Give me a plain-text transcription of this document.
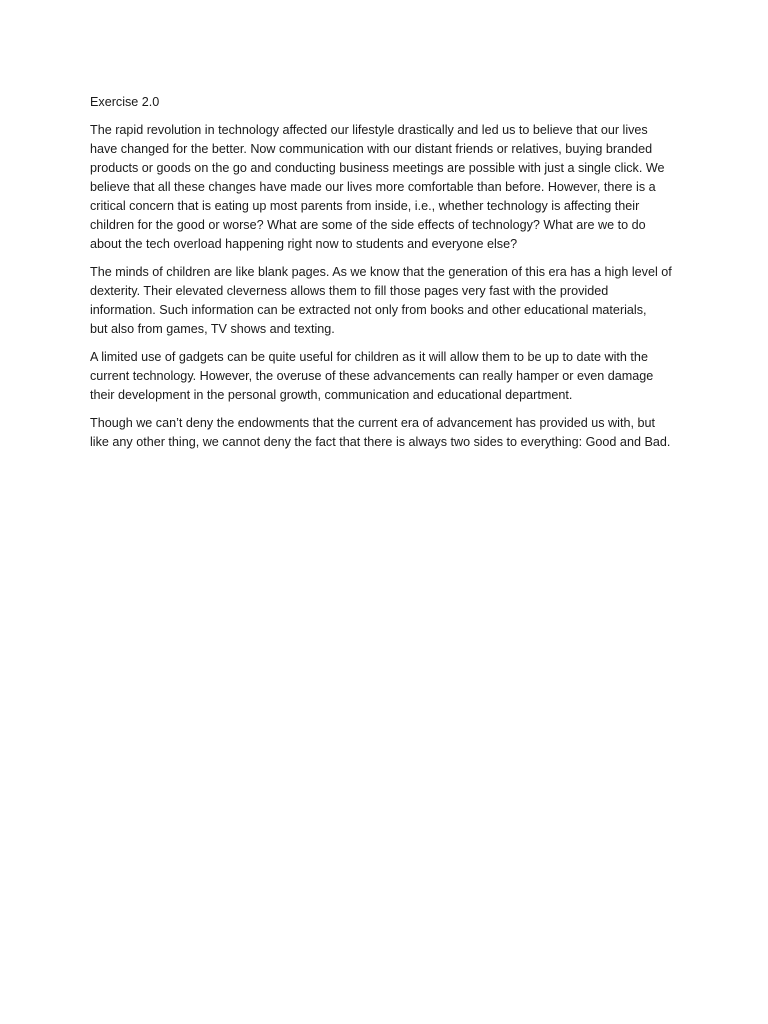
Exercise 2.0
The rapid revolution in technology affected our lifestyle drastically and led us to believe that our lives
have changed for the better. Now communication with our distant friends or relatives, buying branded
products or goods on the go and conducting business meetings are possible with just a single click. We
believe that all these changes have made our lives more comfortable than before. However, there is a
critical concern that is eating up most parents from inside, i.e., whether technology is affecting their
children for the good or worse? What are some of the side effects of technology? What are we to do
about the tech overload happening right now to students and everyone else?
The minds of children are like blank pages. As we know that the generation of this era has a high level of
dexterity. Their elevated cleverness allows them to fill those pages very fast with the provided
information. Such information can be extracted not only from books and other educational materials,
but also from games, TV shows and texting.
A limited use of gadgets can be quite useful for children as it will allow them to be up to date with the
current technology. However, the overuse of these advancements can really hamper or even damage
their development in the personal growth, communication and educational department.
Though we can’t deny the endowments that the current era of advancement has provided us with, but
like any other thing, we cannot deny the fact that there is always two sides to everything: Good and Bad.
